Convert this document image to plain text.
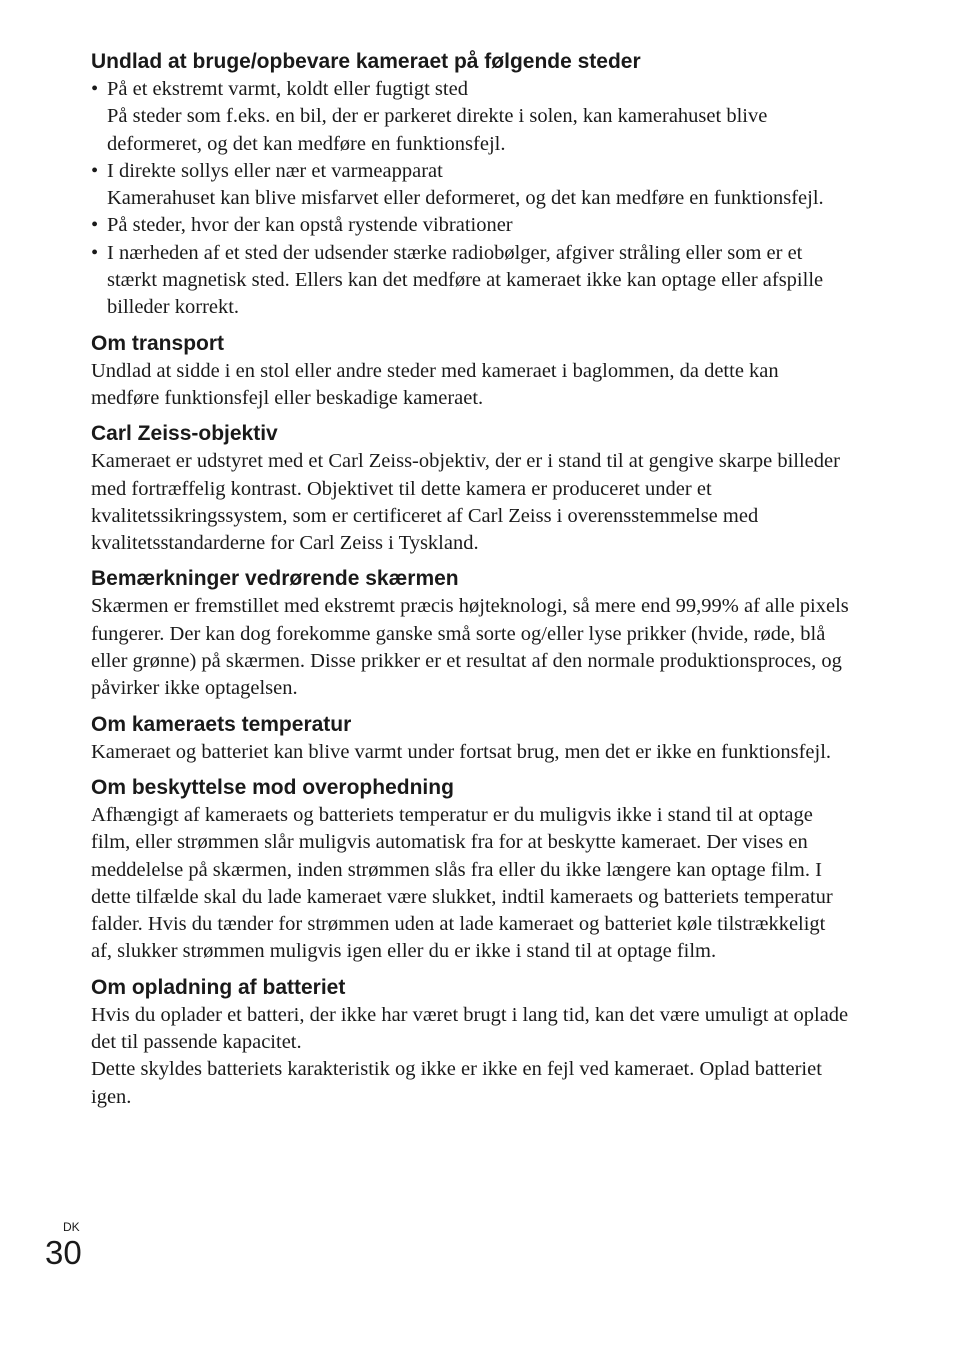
Undlad at bruge/opbevare kameraet på følgende steder
• På et ekstremt varmt, koldt eller fugtigt sted
På steder som f.eks. en bil, der er parkeret direkte i solen, kan kamerahuset blive deformeret, og det kan medføre en funktionsfejl.
• I direkte sollys eller nær et varmeapparat
Kamerahuset kan blive misfarvet eller deformeret, og det kan medføre en funktionsfejl.
• På steder, hvor der kan opstå rystende vibrationer
• I nærheden af et sted der udsender stærke radiobølger, afgiver stråling eller som er et stærkt magnetisk sted. Ellers kan det medføre at kameraet ikke kan optage eller afspille billeder korrekt.
Om transport

Undlad at sidde i en stol eller andre steder med kameraet i baglommen, da dette kan medføre funktionsfejl eller beskadige kameraet.

Carl Zeiss-objektiv

Kameraet er udstyret med et Carl Zeiss-objektiv, der er i stand til at gengive skarpe billeder med fortræffelig kontrast. Objektivet til dette kamera er produceret under et kvalitetssikringssystem, som er certificeret af Carl Zeiss i overensstemmelse med kvalitetsstandarderne for Carl Zeiss i Tyskland.

Bemærkninger vedrørende skærmen

Skærmen er fremstillet med ekstremt præcis højteknologi, så mere end 99,99% af alle pixels fungerer. Der kan dog forekomme ganske små sorte og/eller lyse prikker (hvide, røde, blå eller grønne) på skærmen. Disse prikker er et resultat af den normale produktionsproces, og påvirker ikke optagelsen.

Om kameraets temperatur

Kameraet og batteriet kan blive varmt under fortsat brug, men det er ikke en funktionsfejl.

Om beskyttelse mod overophedning

Afhængigt af kameraets og batteriets temperatur er du muligvis ikke i stand til at optage film, eller strømmen slår muligvis automatisk fra for at beskytte kameraet. Der vises en meddelelse på skærmen, inden strømmen slås fra eller du ikke længere kan optage film. I dette tilfælde skal du lade kameraet være slukket, indtil kameraets og batteriets temperatur falder. Hvis du tænder for strømmen uden at lade kameraet og batteriet køle tilstrækkeligt af, slukker strømmen muligvis igen eller du er ikke i stand til at optage film.

Om opladning af batteriet

Hvis du oplader et batteri, der ikke har været brugt i lang tid, kan det være umuligt at oplade det til passende kapacitet.

Dette skyldes batteriets karakteristik og ikke er ikke en fejl ved kameraet. Oplad batteriet igen.

DK
30
